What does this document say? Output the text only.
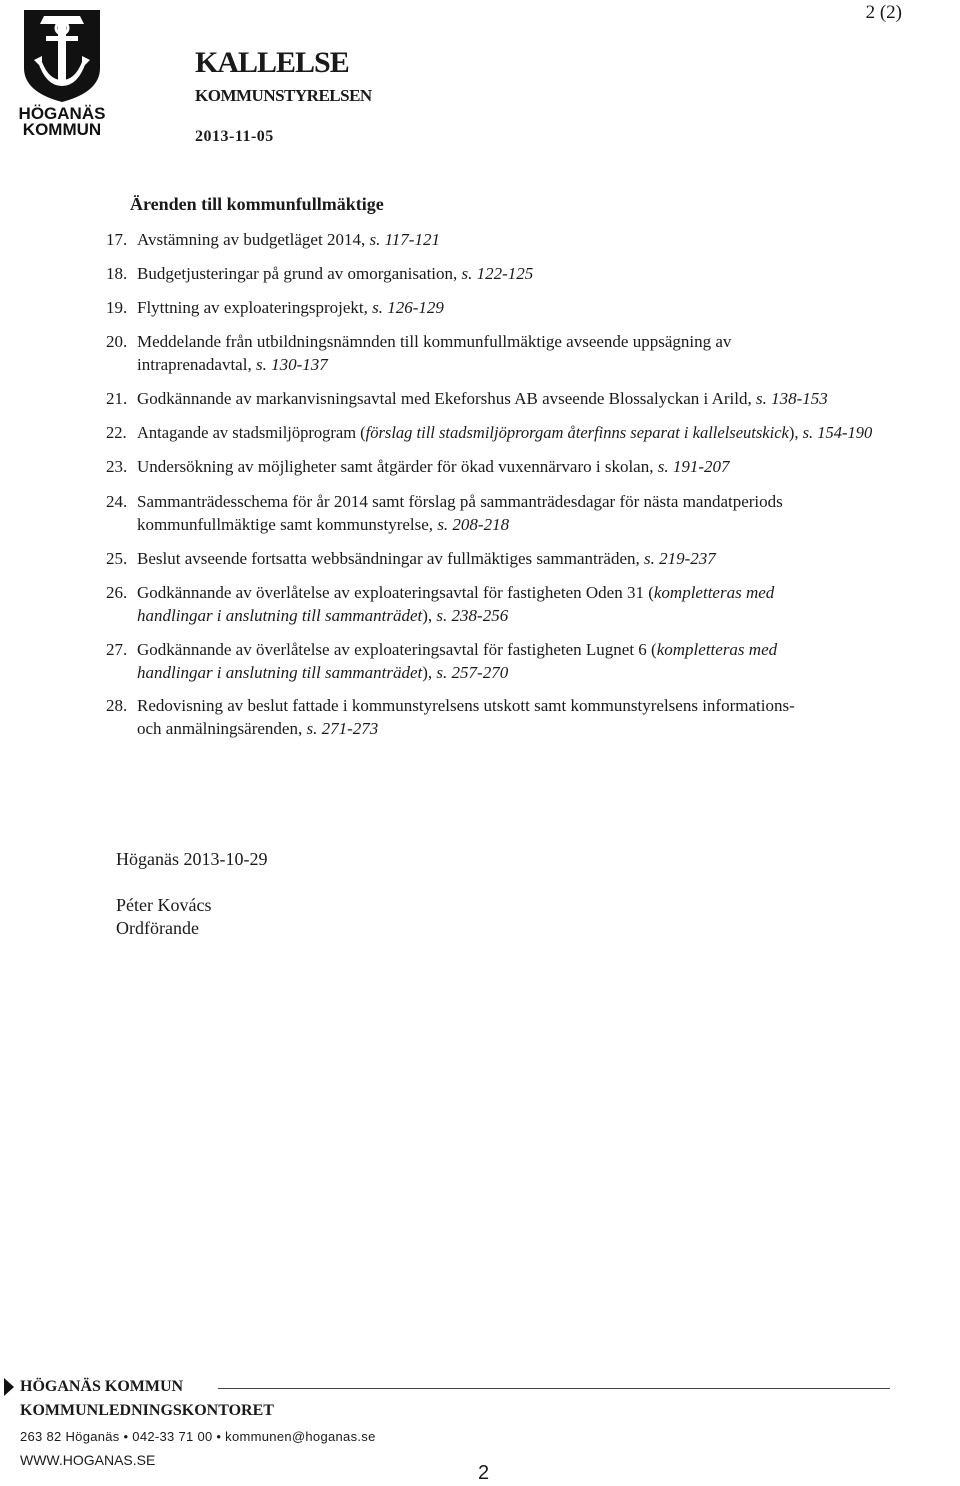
HÖGANÄS
KOMMUN
KALLELSE
KOMMUNSTYRELSEN
2013-11-05
2 (2)
Ärenden till kommunfullmäktige
17. Avstämning av budgetläget 2014, s. 117-121
18. Budgetjusteringar på grund av omorganisation, s. 122-125
19. Flyttning av exploateringsprojekt, s. 126-129
20. Meddelande från utbildningsnämnden till kommunfullmäktige avseende uppsägning av
intraprenadavtal, s. 130-137
21. Godkännande av markanvisningsavtal med Ekeforshus AB avseende Blossalyckan i Arild, s. 138-153
22. Antagande av stadsmiljöprogram (förslag till stadsmiljöprorgam återfinns separat i kallelseutskick), s. 154-190
23. Undersökning av möjligheter samt åtgärder för ökad vuxennärvaro i skolan, s. 191-207
24. Sammanträdesschema för år 2014 samt förslag på sammanträdesdagar för nästa mandatperiods
kommunfullmäktige samt kommunstyrelse, s. 208-218
25. Beslut avseende fortsatta webbsändningar av fullmäktiges sammanträden, s. 219-237
26. Godkännande av överlåtelse av exploateringsavtal för fastigheten Oden 31 (kompletteras med
handlingar i anslutning till sammanträdet), s. 238-256
27. Godkännande av överlåtelse av exploateringsavtal för fastigheten Lugnet 6 (kompletteras med
handlingar i anslutning till sammanträdet), s. 257-270
28. Redovisning av beslut fattade i kommunstyrelsens utskott samt kommunstyrelsens informations-
och anmälningsärenden, s. 271-273
Höganäs 2013-10-29
Péter Kovács
Ordförande
HÖGANÄS KOMMUN
KOMMUNLEDNINGSKONTORET
263 82 Höganäs • 042-33 71 00 • kommunen@hoganas.se
WWW.HOGANAS.SE
2
